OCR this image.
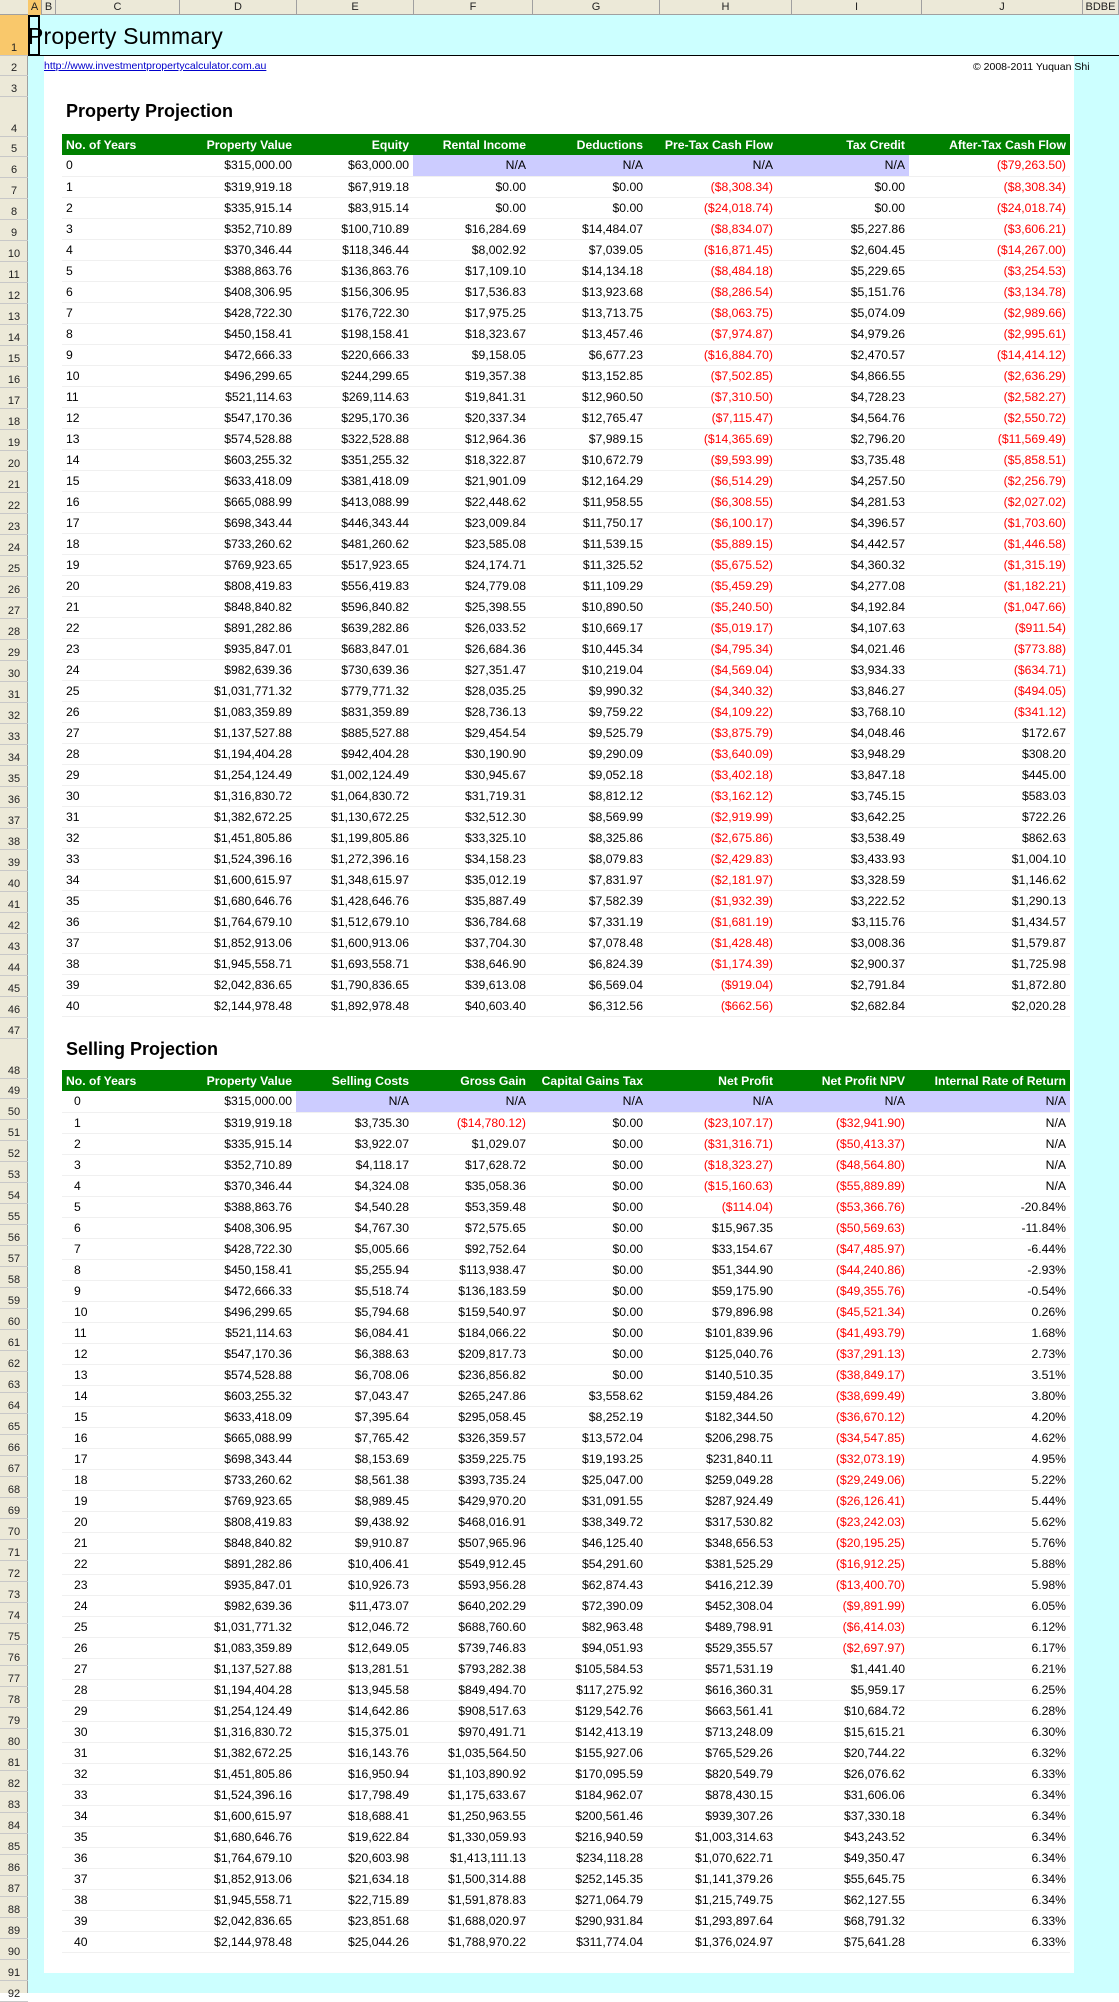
A B	C	D	E	F	G	H	I	J	BDBE
1
2
3
4
5
6
7
8
9
10
11
12
13
14
15
16
17
18
19
20
21
22
23
24
25
26
27
28
29
30
31
32
33
34
35
36
37
38
39
40
41
42
43
44
45
46
47
48
49
50
51
52
53
54
55
56
57
58
59
60
61
62
63
64
65
66
67
68
69
70
71
72
73
74
75
76
77
78
79
80
81
82
83
84
85
86
87
88
89
90
91
92
Property Summary
http://www.investmentpropertycalculator.com.au	© 2008-2011 Yuquan Shi
Property Projection
No. of Years	Property Value	Equity	Rental Income	Deductions	Pre-Tax Cash Flow	Tax Credit	After-Tax Cash Flow
0	$315,000.00	$63,000.00	N/A	N/A	N/A	N/A	($79,263.50)
1	$319,919.18	$67,919.18	$0.00	$0.00	($8,308.34)	$0.00	($8,308.34)
2	$335,915.14	$83,915.14	$0.00	$0.00	($24,018.74)	$0.00	($24,018.74)
3	$352,710.89	$100,710.89	$16,284.69	$14,484.07	($8,834.07)	$5,227.86	($3,606.21)
4	$370,346.44	$118,346.44	$8,002.92	$7,039.05	($16,871.45)	$2,604.45	($14,267.00)
5	$388,863.76	$136,863.76	$17,109.10	$14,134.18	($8,484.18)	$5,229.65	($3,254.53)
6	$408,306.95	$156,306.95	$17,536.83	$13,923.68	($8,286.54)	$5,151.76	($3,134.78)
7	$428,722.30	$176,722.30	$17,975.25	$13,713.75	($8,063.75)	$5,074.09	($2,989.66)
8	$450,158.41	$198,158.41	$18,323.67	$13,457.46	($7,974.87)	$4,979.26	($2,995.61)
9	$472,666.33	$220,666.33	$9,158.05	$6,677.23	($16,884.70)	$2,470.57	($14,414.12)
10	$496,299.65	$244,299.65	$19,357.38	$13,152.85	($7,502.85)	$4,866.55	($2,636.29)
11	$521,114.63	$269,114.63	$19,841.31	$12,960.50	($7,310.50)	$4,728.23	($2,582.27)
12	$547,170.36	$295,170.36	$20,337.34	$12,765.47	($7,115.47)	$4,564.76	($2,550.72)
13	$574,528.88	$322,528.88	$12,964.36	$7,989.15	($14,365.69)	$2,796.20	($11,569.49)
14	$603,255.32	$351,255.32	$18,322.87	$10,672.79	($9,593.99)	$3,735.48	($5,858.51)
15	$633,418.09	$381,418.09	$21,901.09	$12,164.29	($6,514.29)	$4,257.50	($2,256.79)
16	$665,088.99	$413,088.99	$22,448.62	$11,958.55	($6,308.55)	$4,281.53	($2,027.02)
17	$698,343.44	$446,343.44	$23,009.84	$11,750.17	($6,100.17)	$4,396.57	($1,703.60)
18	$733,260.62	$481,260.62	$23,585.08	$11,539.15	($5,889.15)	$4,442.57	($1,446.58)
19	$769,923.65	$517,923.65	$24,174.71	$11,325.52	($5,675.52)	$4,360.32	($1,315.19)
20	$808,419.83	$556,419.83	$24,779.08	$11,109.29	($5,459.29)	$4,277.08	($1,182.21)
21	$848,840.82	$596,840.82	$25,398.55	$10,890.50	($5,240.50)	$4,192.84	($1,047.66)
22	$891,282.86	$639,282.86	$26,033.52	$10,669.17	($5,019.17)	$4,107.63	($911.54)
23	$935,847.01	$683,847.01	$26,684.36	$10,445.34	($4,795.34)	$4,021.46	($773.88)
24	$982,639.36	$730,639.36	$27,351.47	$10,219.04	($4,569.04)	$3,934.33	($634.71)
25	$1,031,771.32	$779,771.32	$28,035.25	$9,990.32	($4,340.32)	$3,846.27	($494.05)
26	$1,083,359.89	$831,359.89	$28,736.13	$9,759.22	($4,109.22)	$3,768.10	($341.12)
27	$1,137,527.88	$885,527.88	$29,454.54	$9,525.79	($3,875.79)	$4,048.46	$172.67
28	$1,194,404.28	$942,404.28	$30,190.90	$9,290.09	($3,640.09)	$3,948.29	$308.20
29	$1,254,124.49	$1,002,124.49	$30,945.67	$9,052.18	($3,402.18)	$3,847.18	$445.00
30	$1,316,830.72	$1,064,830.72	$31,719.31	$8,812.12	($3,162.12)	$3,745.15	$583.03
31	$1,382,672.25	$1,130,672.25	$32,512.30	$8,569.99	($2,919.99)	$3,642.25	$722.26
32	$1,451,805.86	$1,199,805.86	$33,325.10	$8,325.86	($2,675.86)	$3,538.49	$862.63
33	$1,524,396.16	$1,272,396.16	$34,158.23	$8,079.83	($2,429.83)	$3,433.93	$1,004.10
34	$1,600,615.97	$1,348,615.97	$35,012.19	$7,831.97	($2,181.97)	$3,328.59	$1,146.62
35	$1,680,646.76	$1,428,646.76	$35,887.49	$7,582.39	($1,932.39)	$3,222.52	$1,290.13
36	$1,764,679.10	$1,512,679.10	$36,784.68	$7,331.19	($1,681.19)	$3,115.76	$1,434.57
37	$1,852,913.06	$1,600,913.06	$37,704.30	$7,078.48	($1,428.48)	$3,008.36	$1,579.87
38	$1,945,558.71	$1,693,558.71	$38,646.90	$6,824.39	($1,174.39)	$2,900.37	$1,725.98
39	$2,042,836.65	$1,790,836.65	$39,613.08	$6,569.04	($919.04)	$2,791.84	$1,872.80
40	$2,144,978.48	$1,892,978.48	$40,603.40	$6,312.56	($662.56)	$2,682.84	$2,020.28
Selling Projection
No. of Years	Property Value	Selling Costs	Gross Gain	Capital Gains Tax	Net Profit	Net Profit NPV	Internal Rate of Return
0	$315,000.00	N/A	N/A	N/A	N/A	N/A	N/A
1	$319,919.18	$3,735.30	($14,780.12)	$0.00	($23,107.17)	($32,941.90)	N/A
2	$335,915.14	$3,922.07	$1,029.07	$0.00	($31,316.71)	($50,413.37)	N/A
3	$352,710.89	$4,118.17	$17,628.72	$0.00	($18,323.27)	($48,564.80)	N/A
4	$370,346.44	$4,324.08	$35,058.36	$0.00	($15,160.63)	($55,889.89)	N/A
5	$388,863.76	$4,540.28	$53,359.48	$0.00	($114.04)	($53,366.76)	-20.84%
6	$408,306.95	$4,767.30	$72,575.65	$0.00	$15,967.35	($50,569.63)	-11.84%
7	$428,722.30	$5,005.66	$92,752.64	$0.00	$33,154.67	($47,485.97)	-6.44%
8	$450,158.41	$5,255.94	$113,938.47	$0.00	$51,344.90	($44,240.86)	-2.93%
9	$472,666.33	$5,518.74	$136,183.59	$0.00	$59,175.90	($49,355.76)	-0.54%
10	$496,299.65	$5,794.68	$159,540.97	$0.00	$79,896.98	($45,521.34)	0.26%
11	$521,114.63	$6,084.41	$184,066.22	$0.00	$101,839.96	($41,493.79)	1.68%
12	$547,170.36	$6,388.63	$209,817.73	$0.00	$125,040.76	($37,291.13)	2.73%
13	$574,528.88	$6,708.06	$236,856.82	$0.00	$140,510.35	($38,849.17)	3.51%
14	$603,255.32	$7,043.47	$265,247.86	$3,558.62	$159,484.26	($38,699.49)	3.80%
15	$633,418.09	$7,395.64	$295,058.45	$8,252.19	$182,344.50	($36,670.12)	4.20%
16	$665,088.99	$7,765.42	$326,359.57	$13,572.04	$206,298.75	($34,547.85)	4.62%
17	$698,343.44	$8,153.69	$359,225.75	$19,193.25	$231,840.11	($32,073.19)	4.95%
18	$733,260.62	$8,561.38	$393,735.24	$25,047.00	$259,049.28	($29,249.06)	5.22%
19	$769,923.65	$8,989.45	$429,970.20	$31,091.55	$287,924.49	($26,126.41)	5.44%
20	$808,419.83	$9,438.92	$468,016.91	$38,349.72	$317,530.82	($23,242.03)	5.62%
21	$848,840.82	$9,910.87	$507,965.96	$46,125.40	$348,656.53	($20,195.25)	5.76%
22	$891,282.86	$10,406.41	$549,912.45	$54,291.60	$381,525.29	($16,912.25)	5.88%
23	$935,847.01	$10,926.73	$593,956.28	$62,874.43	$416,212.39	($13,400.70)	5.98%
24	$982,639.36	$11,473.07	$640,202.29	$72,390.09	$452,308.04	($9,891.99)	6.05%
25	$1,031,771.32	$12,046.72	$688,760.60	$82,963.48	$489,798.91	($6,414.03)	6.12%
26	$1,083,359.89	$12,649.05	$739,746.83	$94,051.93	$529,355.57	($2,697.97)	6.17%
27	$1,137,527.88	$13,281.51	$793,282.38	$105,584.53	$571,531.19	$1,441.40	6.21%
28	$1,194,404.28	$13,945.58	$849,494.70	$117,275.92	$616,360.31	$5,959.17	6.25%
29	$1,254,124.49	$14,642.86	$908,517.63	$129,542.76	$663,561.41	$10,684.72	6.28%
30	$1,316,830.72	$15,375.01	$970,491.71	$142,413.19	$713,248.09	$15,615.21	6.30%
31	$1,382,672.25	$16,143.76	$1,035,564.50	$155,927.06	$765,529.26	$20,744.22	6.32%
32	$1,451,805.86	$16,950.94	$1,103,890.92	$170,095.59	$820,549.79	$26,076.62	6.33%
33	$1,524,396.16	$17,798.49	$1,175,633.67	$184,962.07	$878,430.15	$31,606.06	6.34%
34	$1,600,615.97	$18,688.41	$1,250,963.55	$200,561.46	$939,307.26	$37,330.18	6.34%
35	$1,680,646.76	$19,622.84	$1,330,059.93	$216,940.59	$1,003,314.63	$43,243.52	6.34%
36	$1,764,679.10	$20,603.98	$1,413,111.13	$234,118.28	$1,070,622.71	$49,350.47	6.34%
37	$1,852,913.06	$21,634.18	$1,500,314.88	$252,145.35	$1,141,379.26	$55,645.75	6.34%
38	$1,945,558.71	$22,715.89	$1,591,878.83	$271,064.79	$1,215,749.75	$62,127.55	6.34%
39	$2,042,836.65	$23,851.68	$1,688,020.97	$290,931.84	$1,293,897.64	$68,791.32	6.33%
40	$2,144,978.48	$25,044.26	$1,788,970.22	$311,774.04	$1,376,024.97	$75,641.28	6.33%
